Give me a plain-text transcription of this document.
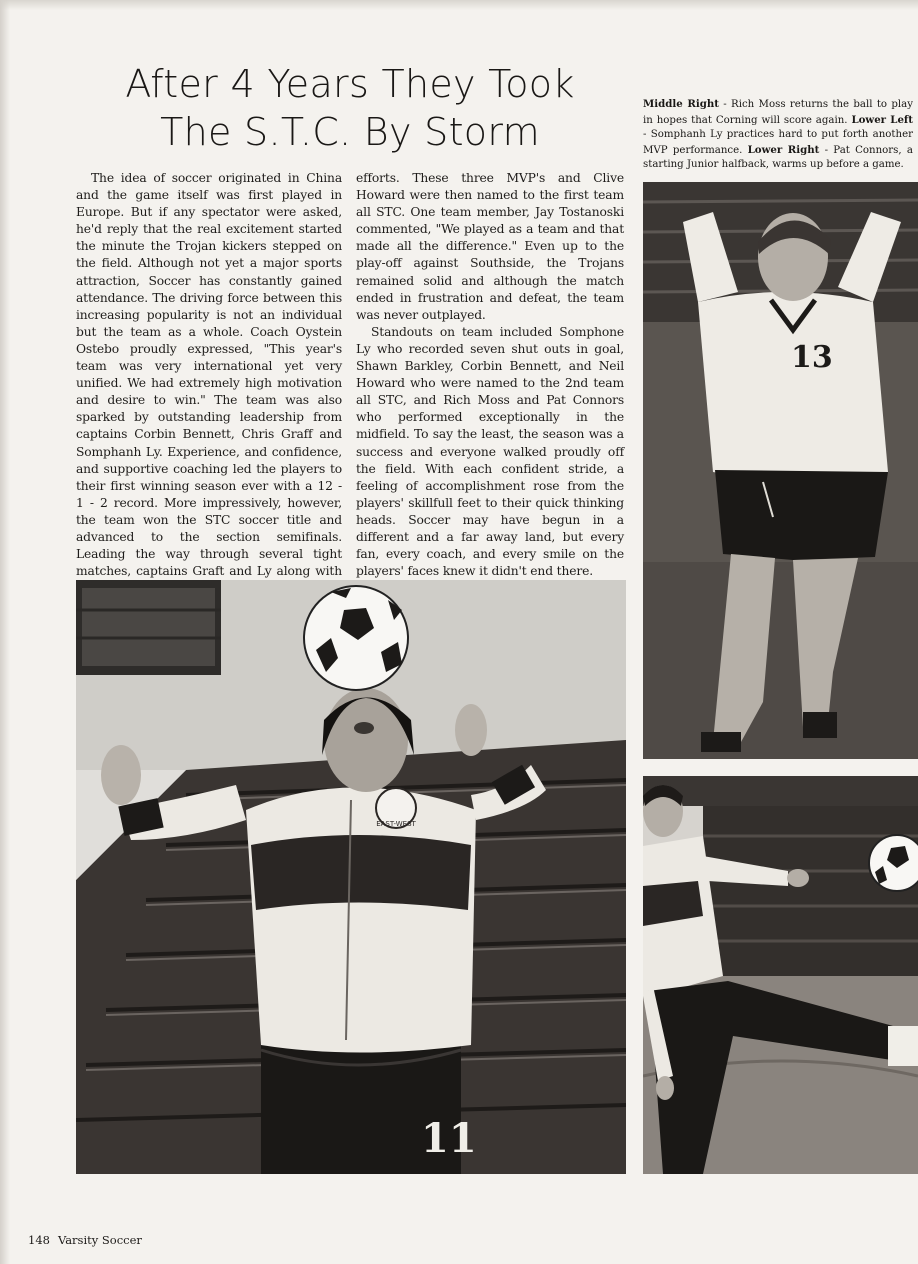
After 4 Years They Took
The S.T.C. By Storm
Middle Right - Rich Moss returns the ball to play in hopes that Corning will score again. Lower Left - Somphanh Ly practices hard to put forth another MVP performance. Lower Right - Pat Connors, a starting Junior halfback, warms up before a game.

The idea of soccer originated in China and the game itself was first played in Europe. But if any spectator were asked, he'd reply that the real excitement started the minute the Trojan kickers stepped on the field. Although not yet a major sports attraction, Soccer has constantly gained attendance. The driving force between this increasing popularity is not an individual but the team as a whole. Coach Oystein Ostebo proudly expressed, "This year's team was very international yet very unified. We had extremely high motivation and desire to win." The team was also sparked by outstanding leadership from captains Corbin Bennett, Chris Graff and Somphanh Ly. Experience, and confidence, and supportive coaching led the players to their first winning season ever with a 12 - 1 - 2 record. More impressively, however, the team won the STC soccer title and advanced to the section semifinals. Leading the way through several tight matches, captains Graft and Ly along with

efforts. These three MVP's and Clive Howard were then named to the first team all STC. One team member, Jay Tostanoski commented, "We played as a team and that made all the difference." Even up to the play-off against Southside, the Trojans remained solid and although the match ended in frustration and defeat, the team was never outplayed.

Standouts on team included Somphone Ly who recorded seven shut outs in goal, Shawn Barkley, Corbin Bennett, and Neil Howard who were named to the 2nd team all STC, and Rich Moss and Pat Connors who performed exceptionally in the midfield. To say the least, the season was a success and everyone walked proudly off the field. With each confident stride, a feeling of accomplishment rose from the players' skillfull feet to their quick thinking heads. Soccer may have begun in a different and a far away land, but every fan, every coach, and every smile on the players' faces knew it didn't end there.

11
EAST-WEST
13
148 Varsity Soccer
